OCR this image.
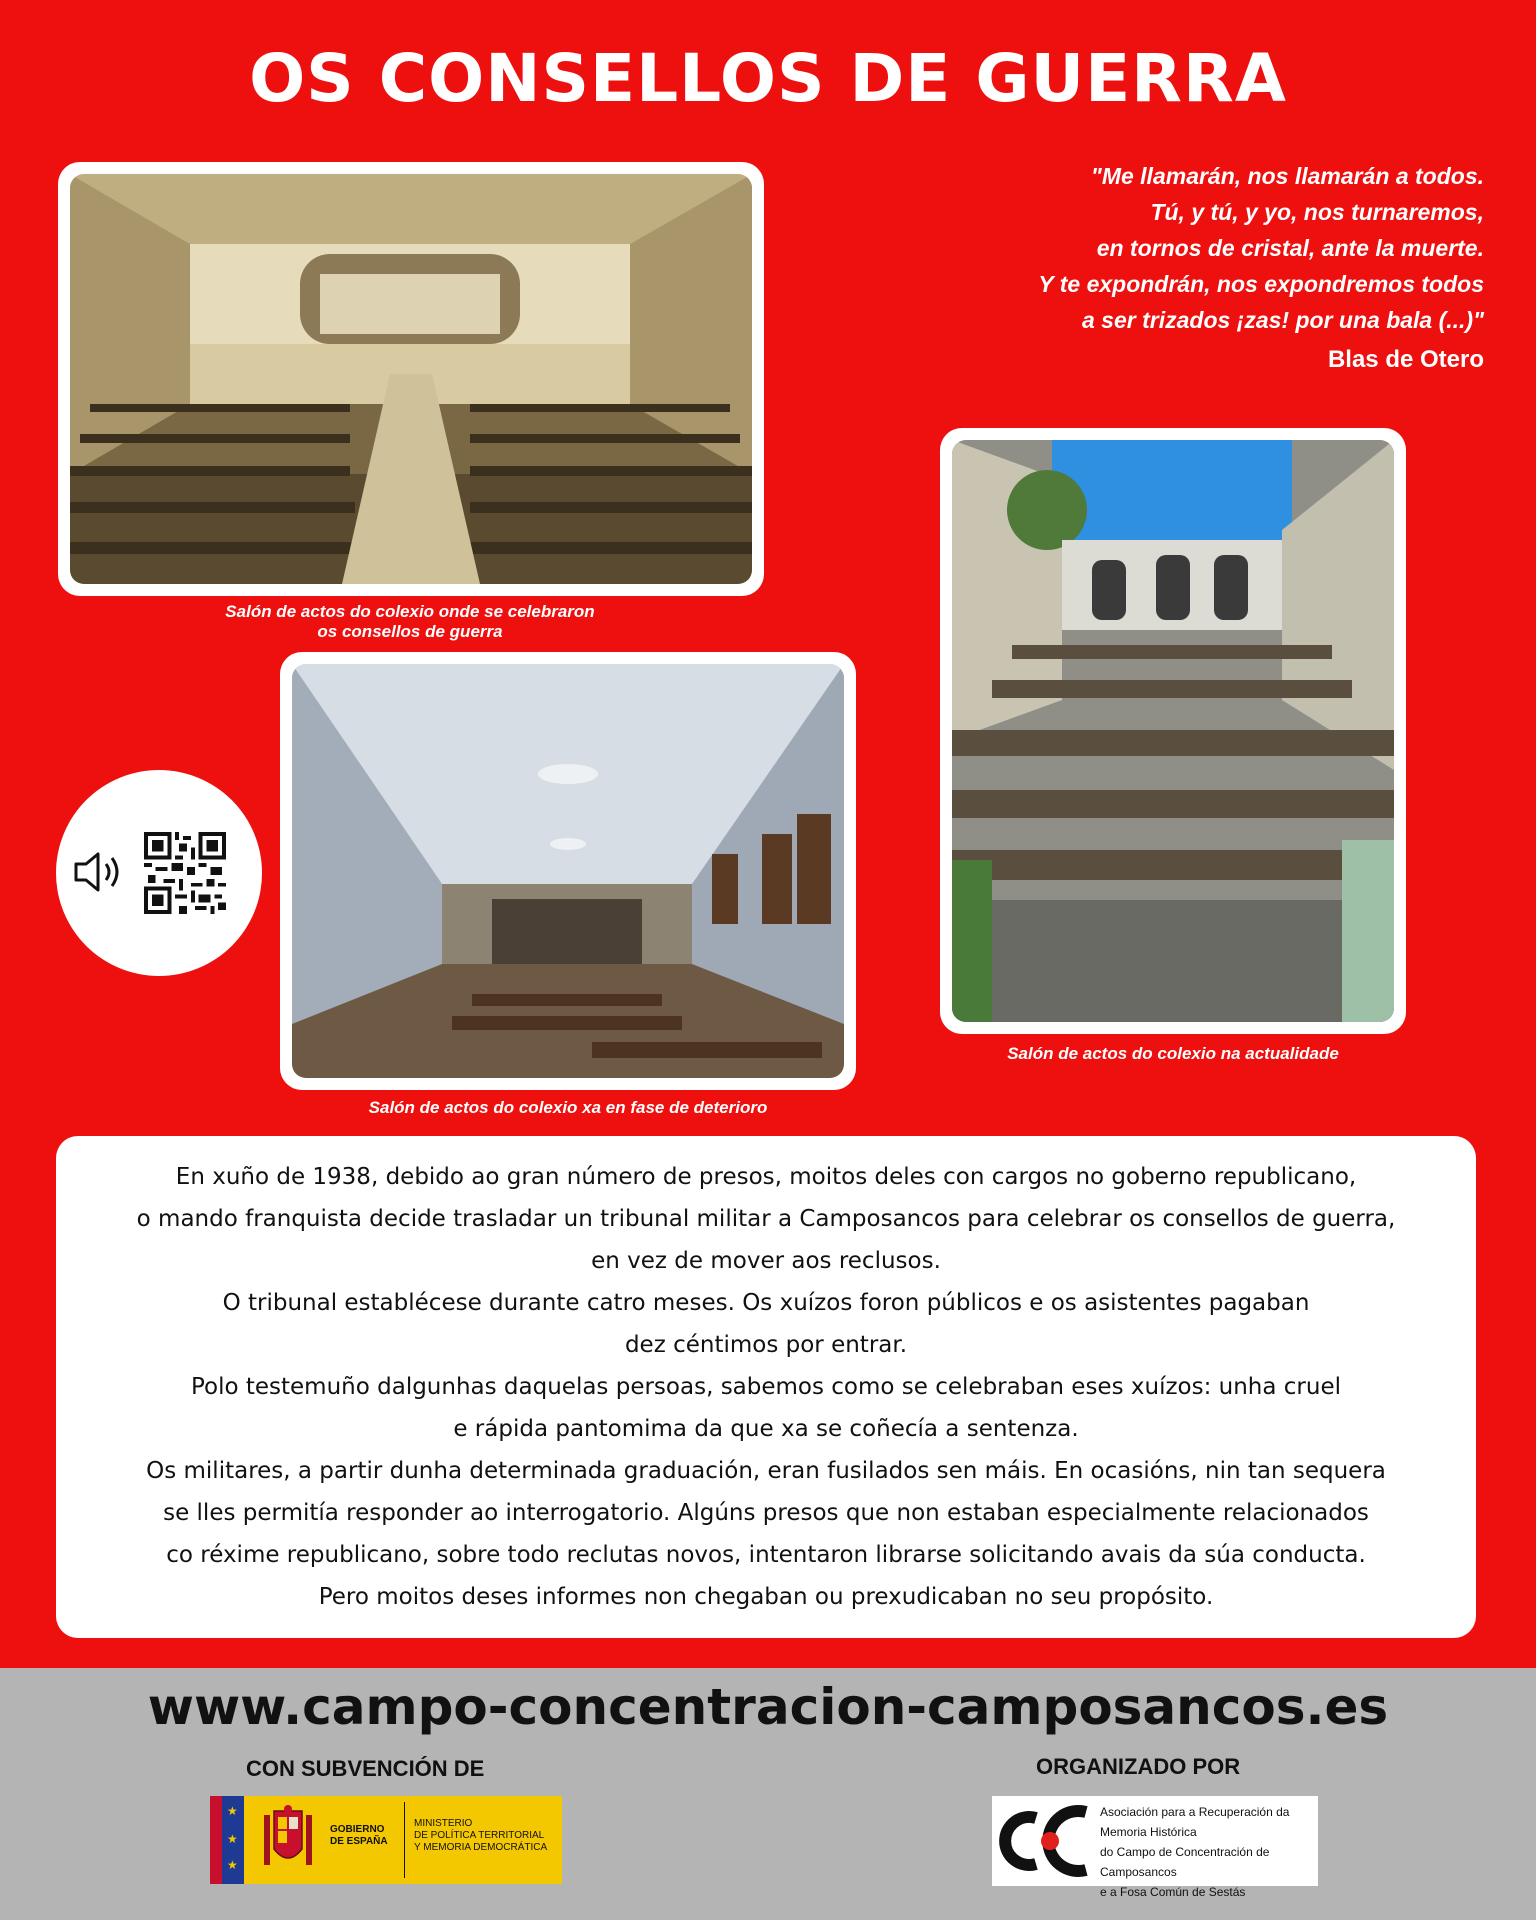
OS CONSELLOS DE GUERRA
"Me llamarán, nos llamarán a todos.
Tú, y tú, y yo, nos turnaremos,
en tornos de cristal, ante la muerte.
Y te expondrán, nos expondremos todos
a ser trizados ¡zas! por una bala (...)"
Blas de Otero
Salón de actos do colexio onde se celebraron
os consellos de guerra
Salón de actos do colexio xa en fase de deterioro
Salón de actos do colexio na actualidade

En xuño de 1938, debido ao gran número de presos, moitos deles con cargos no goberno republicano,

o mando franquista decide trasladar un tribunal militar a Camposancos para celebrar os consellos de guerra,

en vez de mover aos reclusos.

O tribunal establécese durante catro meses. Os xuízos foron públicos e os asistentes pagaban

dez céntimos por entrar.

Polo testemuño dalgunhas daquelas persoas, sabemos como se celebraban eses xuízos: unha cruel

e rápida pantomima da que xa se coñecía a sentenza.

Os militares, a partir dunha determinada graduación, eran fusilados sen máis. En ocasións, nin tan sequera

se lles permitía responder ao interrogatorio. Algúns presos que non estaban especialmente relacionados

co réxime republicano, sobre todo reclutas novos, intentaron librarse solicitando avais da súa conducta.

Pero moitos deses informes non chegaban ou prexudicaban no seu propósito.

www.campo-concentracion-camposancos.es
CON SUBVENCIÓN DE	ORGANIZADO POR
★
★
★
GOBIERNO
DE ESPAÑA
MINISTERIO
DE POLÍTICA TERRITORIAL
Y MEMORIA DEMOCRÁTICA
Asociación para a Recuperación da Memoria Histórica
do Campo de Concentración de Camposancos
e a Fosa Común de Sestás
